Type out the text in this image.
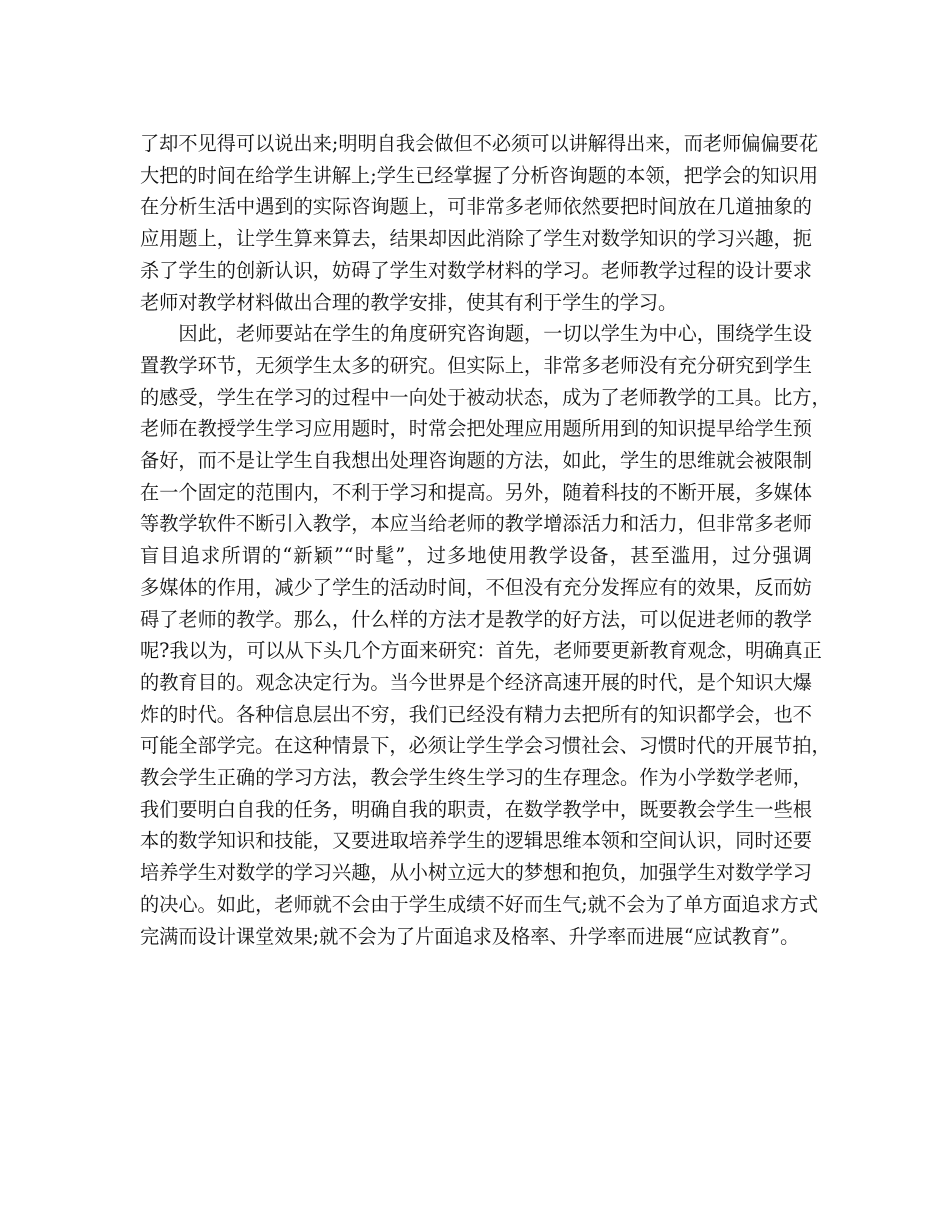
了却不见得可以说出来;明明自我会做但不必须可以讲解得出来，而老师偏偏要花
大把的时间在给学生讲解上;学生已经掌握了分析咨询题的本领，把学会的知识用
在分析生活中遇到的实际咨询题上，可非常多老师依然要把时间放在几道抽象的
应用题上，让学生算来算去，结果却因此消除了学生对数学知识的学习兴趣，扼
杀了学生的创新认识，妨碍了学生对数学材料的学习。老师教学过程的设计要求
老师对教学材料做出合理的教学安排，使其有利于学生的学习。
　　因此，老师要站在学生的角度研究咨询题，一切以学生为中心，围绕学生设
置教学环节，无须学生太多的研究。但实际上，非常多老师没有充分研究到学生
的感受，学生在学习的过程中一向处于被动状态，成为了老师教学的工具。比方，
老师在教授学生学习应用题时，时常会把处理应用题所用到的知识提早给学生预
备好，而不是让学生自我想出处理咨询题的方法，如此，学生的思维就会被限制
在一个固定的范围内，不利于学习和提高。另外，随着科技的不断开展，多媒体
等教学软件不断引入教学，本应当给老师的教学增添活力和活力，但非常多老师
盲目追求所谓的“新颖”“时髦”，过多地使用教学设备，甚至滥用，过分强调
多媒体的作用，减少了学生的活动时间，不但没有充分发挥应有的效果，反而妨
碍了老师的教学。那么，什么样的方法才是教学的好方法，可以促进老师的教学
呢?我以为，可以从下头几个方面来研究：首先，老师要更新教育观念，明确真正
的教育目的。观念决定行为。当今世界是个经济高速开展的时代，是个知识大爆
炸的时代。各种信息层出不穷，我们已经没有精力去把所有的知识都学会，也不
可能全部学完。在这种情景下，必须让学生学会习惯社会、习惯时代的开展节拍，
教会学生正确的学习方法，教会学生终生学习的生存理念。作为小学数学老师，
我们要明白自我的任务，明确自我的职责，在数学教学中，既要教会学生一些根
本的数学知识和技能，又要进取培养学生的逻辑思维本领和空间认识，同时还要
培养学生对数学的学习兴趣，从小树立远大的梦想和抱负，加强学生对数学学习
的决心。如此，老师就不会由于学生成绩不好而生气;就不会为了单方面追求方式
完满而设计课堂效果;就不会为了片面追求及格率、升学率而进展“应试教育”。
